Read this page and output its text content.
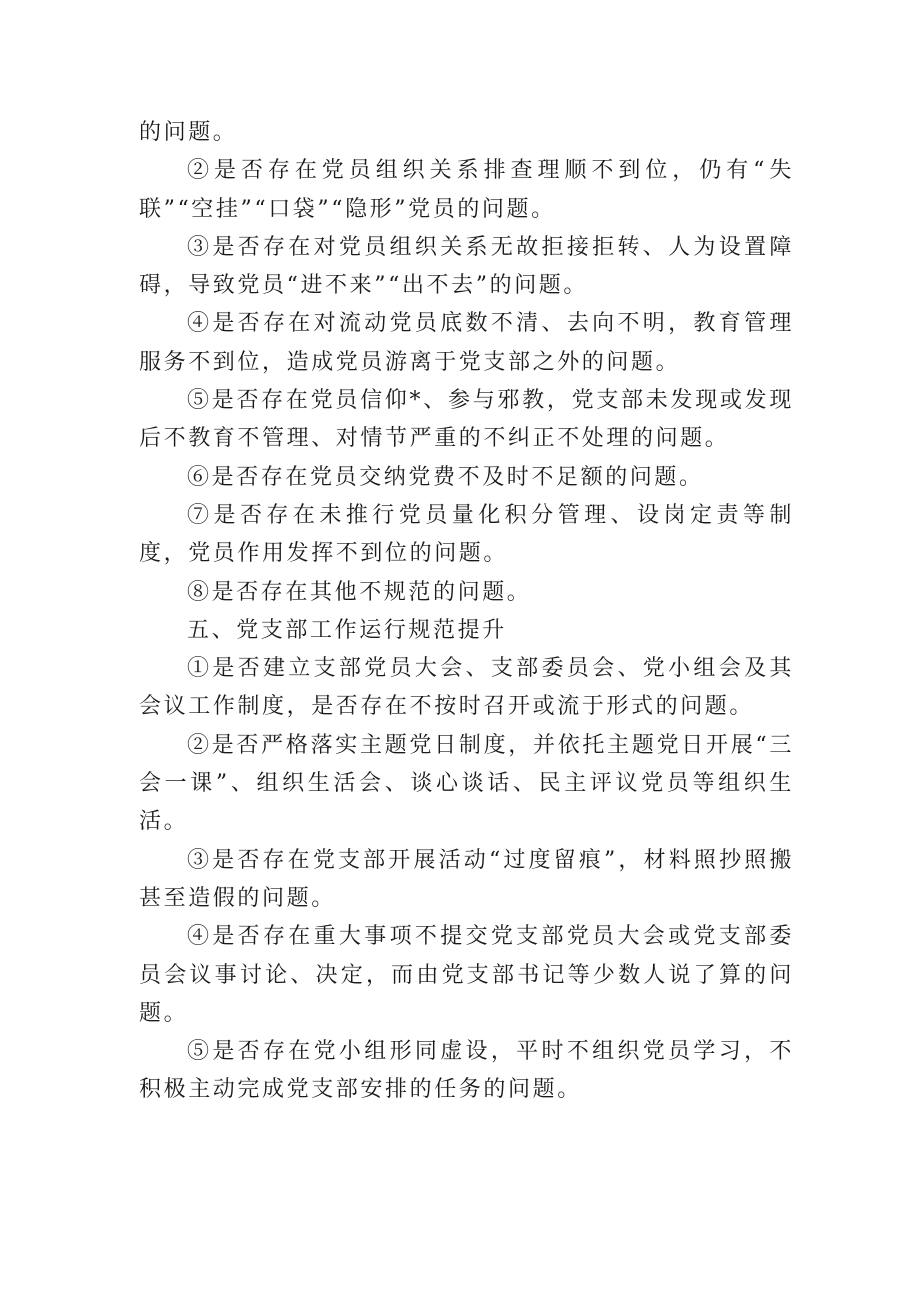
的问题。

②是否存在党员组织关系排查理顺不到位，仍有“失联”“空挂”“口袋”“隐形”党员的问题。

③是否存在对党员组织关系无故拒接拒转、人为设置障碍，导致党员“进不来”“出不去”的问题。

④是否存在对流动党员底数不清、去向不明，教育管理服务不到位，造成党员游离于党支部之外的问题。

⑤是否存在党员信仰*、参与邪教，党支部未发现或发现后不教育不管理、对情节严重的不纠正不处理的问题。

⑥是否存在党员交纳党费不及时不足额的问题。

⑦是否存在未推行党员量化积分管理、设岗定责等制度，党员作用发挥不到位的问题。

⑧是否存在其他不规范的问题。

五、党支部工作运行规范提升

①是否建立支部党员大会、支部委员会、党小组会及其会议工作制度，是否存在不按时召开或流于形式的问题。

②是否严格落实主题党日制度，并依托主题党日开展“三会一课”、组织生活会、谈心谈话、民主评议党员等组织生活。

③是否存在党支部开展活动“过度留痕”，材料照抄照搬甚至造假的问题。

④是否存在重大事项不提交党支部党员大会或党支部委员会议事讨论、决定，而由党支部书记等少数人说了算的问题。

⑤是否存在党小组形同虚设，平时不组织党员学习，不积极主动完成党支部安排的任务的问题。
